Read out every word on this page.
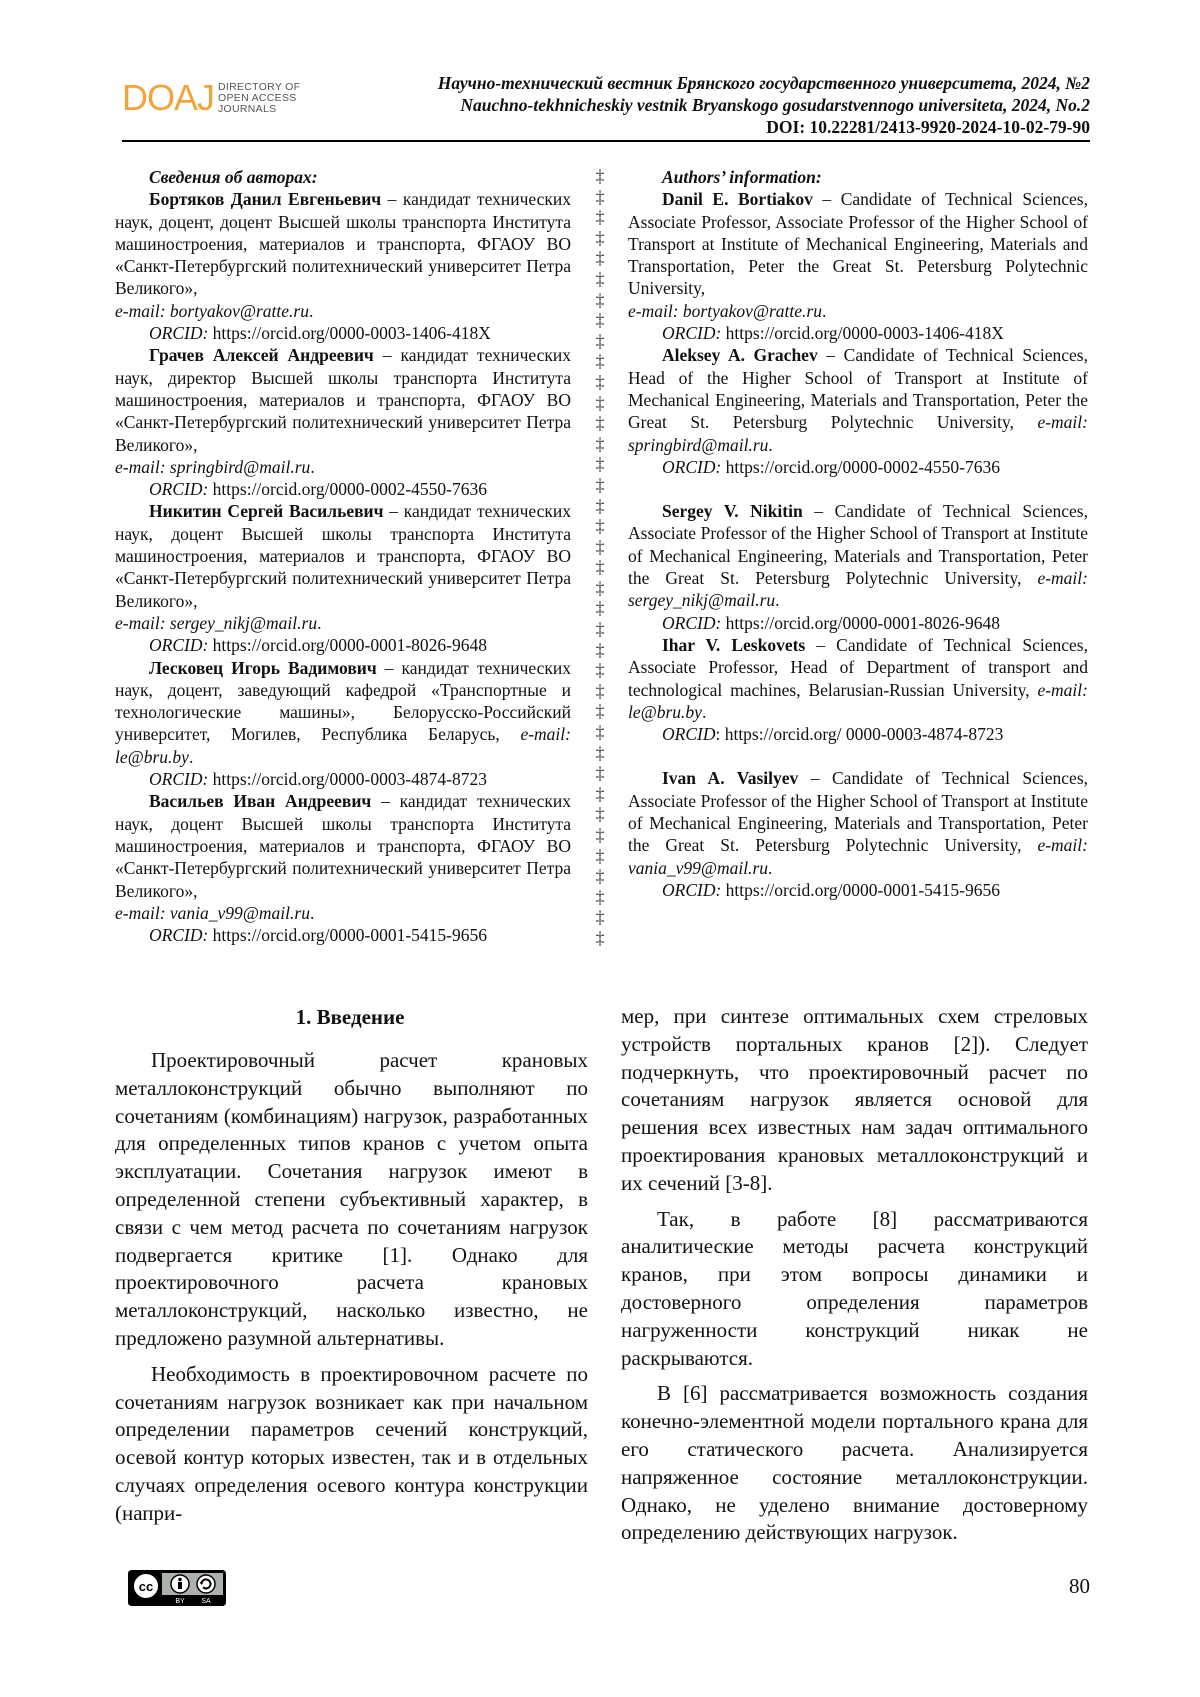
DOAJ DIRECTORY OF
OPEN ACCESS
JOURNALS
Научно-технический вестник Брянского государственного университета, 2024, №2
Nauchno-tekhnicheskiy vestnik Bryanskogo gosudarstvennogo universiteta, 2024, No.2
DOI: 10.22281/2413-9920-2024-10-02-79-90
Сведения об авторах:

Бортяков Данил Евгеньевич – кандидат технических наук, доцент, доцент Высшей школы транспорта Института машиностроения, материалов и транспорта, ФГАОУ ВО «Санкт-Петербургский политехнический университет Петра Великого»,
e-mail: bortyakov@ratte.ru.

ORCID: https://orcid.org/0000-0003-1406-418X

Грачев Алексей Андреевич – кандидат технических наук, директор Высшей школы транспорта Института машиностроения, материалов и транспорта, ФГАОУ ВО «Санкт-Петербургский политехнический университет Петра Великого»,
e-mail: springbird@mail.ru.

ORCID: https://orcid.org/0000-0002-4550-7636

Никитин Сергей Васильевич – кандидат технических наук, доцент Высшей школы транспорта Института машиностроения, материалов и транспорта, ФГАОУ ВО «Санкт-Петербургский политехнический университет Петра Великого»,
e-mail: sergey_nikj@mail.ru.

ORCID: https://orcid.org/0000-0001-8026-9648

Лесковец Игорь Вадимович – кандидат технических наук, доцент, заведующий кафедрой «Транспортные и технологические машины», Белорусско-Российский университет, Могилев, Республика Беларусь, e-mail: le@bru.by.

ORCID: https://orcid.org/0000-0003-4874-8723

Васильев Иван Андреевич – кандидат технических наук, доцент Высшей школы транспорта Института машиностроения, материалов и транспорта, ФГАОУ ВО «Санкт-Петербургский политехнический университет Петра Великого»,
e-mail: vania_v99@mail.ru.

ORCID: https://orcid.org/0000-0001-5415-9656
‡
‡
‡
‡
‡
‡
‡
‡
‡
‡
‡
‡
‡
‡
‡
‡
‡
‡
‡
‡
‡
‡
‡
‡
‡
‡
‡
‡
‡
‡
‡
‡
‡
‡
‡
‡
‡
‡
Authors’ information:

Danil E. Bortiakov – Candidate of Technical Sciences, Associate Professor, Associate Professor of the Higher School of Transport at Institute of Mechanical Engineering, Materials and Transportation, Peter the Great St. Petersburg Polytechnic University,
e-mail: bortyakov@ratte.ru.

ORCID: https://orcid.org/0000-0003-1406-418X

Aleksey A. Grachev – Candidate of Technical Sciences, Head of the Higher School of Transport at Institute of Mechanical Engineering, Materials and Transportation, Peter the Great St. Petersburg Polytechnic University, e-mail: springbird@mail.ru.

ORCID: https://orcid.org/0000-0002-4550-7636

Sergey V. Nikitin – Candidate of Technical Sciences, Associate Professor of the Higher School of Transport at Institute of Mechanical Engineering, Materials and Transportation, Peter the Great St. Petersburg Polytechnic University, e-mail: sergey_nikj@mail.ru.

ORCID: https://orcid.org/0000-0001-8026-9648

Ihar V. Leskovets – Candidate of Technical Sciences, Associate Professor, Head of Department of transport and technological machines, Belarusian-Russian University, e-mail: le@bru.by.

ORCID: https://orcid.org/ 0000-0003-4874-8723

Ivan A. Vasilyev – Candidate of Technical Sciences, Associate Professor of the Higher School of Transport at Institute of Mechanical Engineering, Materials and Transportation, Peter the Great St. Petersburg Polytechnic University, e-mail: vania_v99@mail.ru.

ORCID: https://orcid.org/0000-0001-5415-9656
1. Введение

Проектировочный расчет крановых металлоконструкций обычно выполняют по сочетаниям (комбинациям) нагрузок, разработанных для определенных типов кранов с учетом опыта эксплуатации. Сочетания нагрузок имеют в определенной степени субъективный характер, в связи с чем метод расчета по сочетаниям нагрузок подвергается критике [1]. Однако для проектировочного расчета крановых металлоконструкций, насколько известно, не предложено разумной альтернативы.

Необходимость в проектировочном расчете по сочетаниям нагрузок возникает как при начальном определении параметров сечений конструкций, осевой контур которых известен, так и в отдельных случаях определения осевого контура конструкции (напри-

мер, при синтезе оптимальных схем стреловых устройств портальных кранов [2]). Следует подчеркнуть, что проектировочный расчет по сочетаниям нагрузок является основой для решения всех известных нам задач оптимального проектирования крановых металлоконструкций и их сечений [3-8].

Так, в работе [8] рассматриваются аналитические методы расчета конструкций кранов, при этом вопросы динамики и достоверного определения параметров нагруженности конструкций никак не раскрываются.

В [6] рассматривается возможность создания конечно-элементной модели портального крана для его статического расчета. Анализируется напряженное состояние металлоконструкции. Однако, не уделено внимание достоверному определению действующих нагрузок.

cc
BY SA
80
